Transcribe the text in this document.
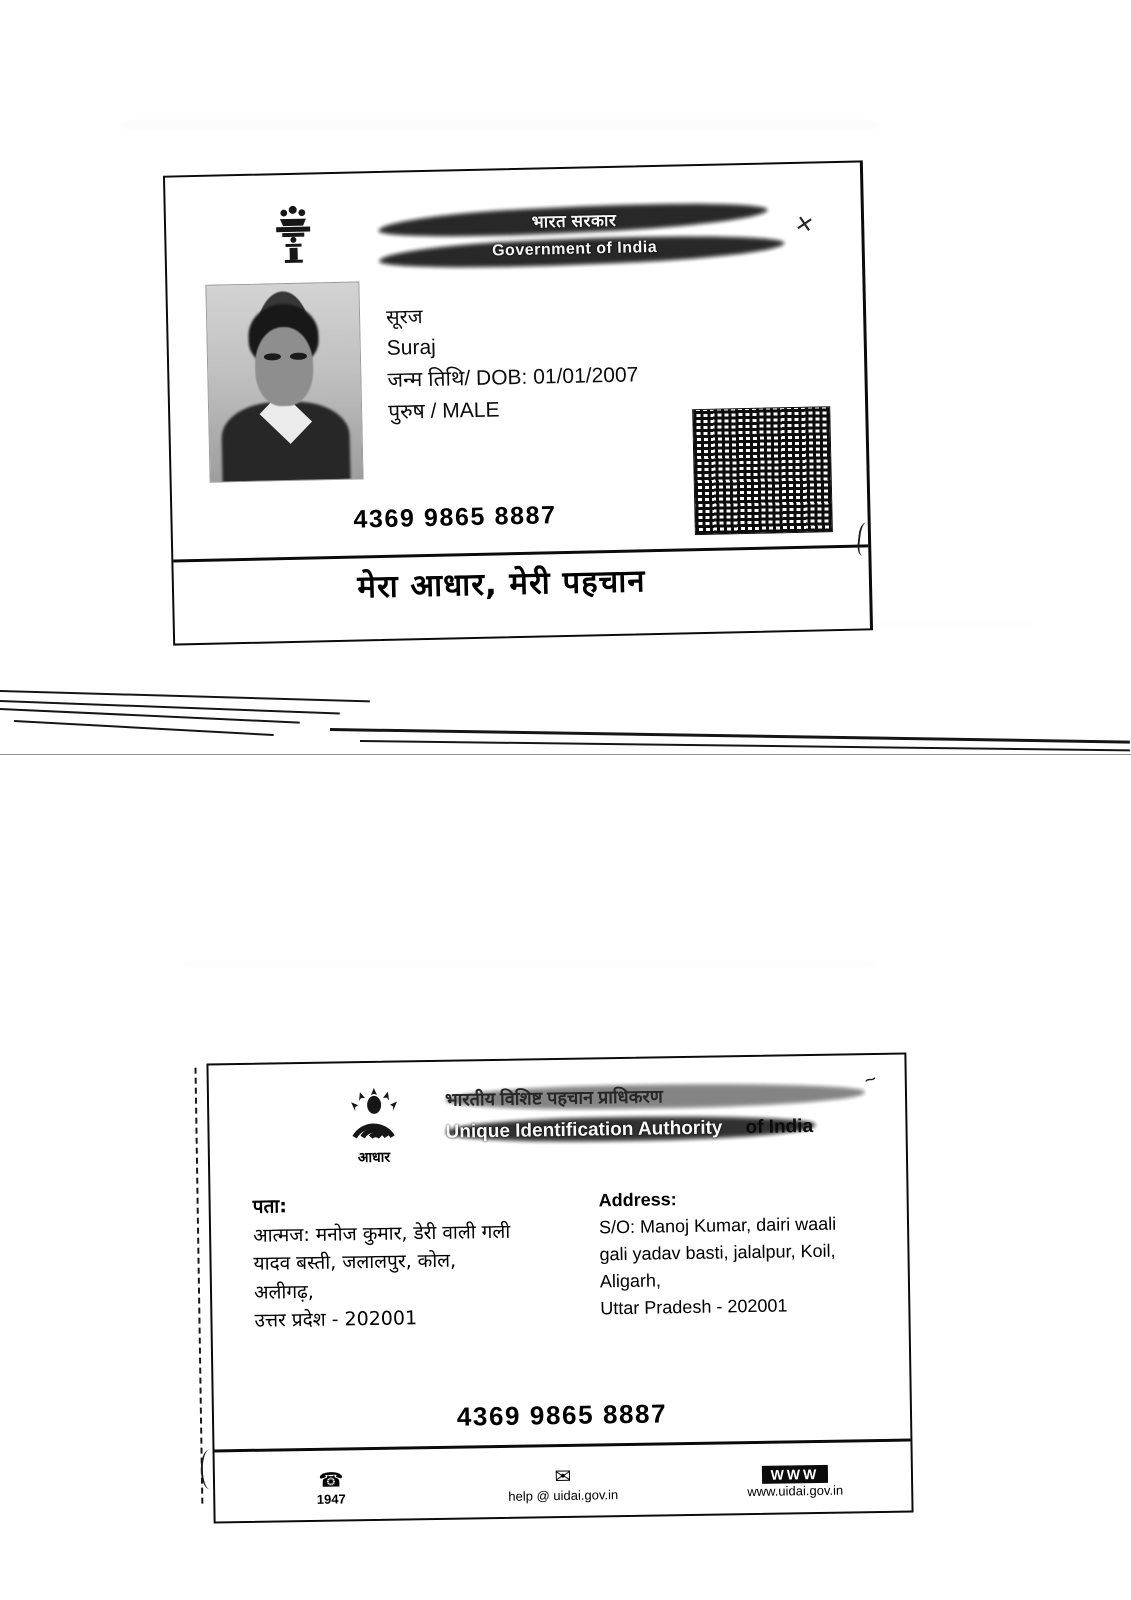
भारत सरकार
Government of India
सूरज
Suraj
जन्म तिथि/ DOB: 01/01/2007
पुरुष / MALE
4369 9865 8887
✕
मेरा आधार, मेरी पहचान
आधार
भारतीय विशिष्ट पहचान प्राधिकरण
Unique Identification Authority	of India
पता:
आत्मज: मनोज कुमार, डेरी वाली गली
यादव बस्ती, जलालपुर, कोल,
अलीगढ़,
उत्तर प्रदेश - 202001
Address:
S/O: Manoj Kumar, dairi waali
gali yadav basti, jalalpur, Koil,
Aligarh,
Uttar Pradesh - 202001
4369 9865 8887
☎
1947
✉
help @ uidai.gov.in
WWW
www.uidai.gov.in
~
